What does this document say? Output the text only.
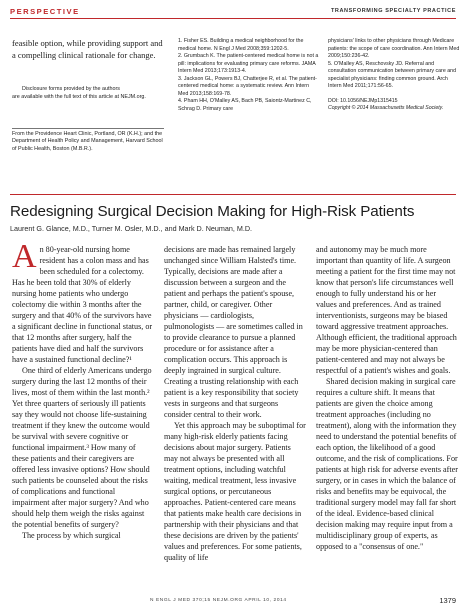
PERSPECTIVE	TRANSFORMING SPECIALTY PRACTICE
feasible option, while providing support and a compelling clinical rationale for change.
Disclosure forms provided by the authors
are available with the full text of this article at NEJM.org.
From the Providence Heart Clinic, Portland, OR (K.H.); and the Department of Health Policy and Management, Harvard School of Public Health, Boston (M.B.R.).
1. Fisher ES. Building a medical neighborhood for the medical home. N Engl J Med 2008;359:1202-5.
2. Grumbach K. The patient-centered medical home is not a pill: implications for evaluating primary care reforms. JAMA Intern Med 2013;173:1913-4.
3. Jackson GL, Powers BJ, Chatterjee R, et al. The patient-centered medical home: a systematic review. Ann Intern Med 2013;158:169-78.
4. Pham HH, O'Malley AS, Bach PB, Saiontz-Martinez C, Schrag D. Primary care
physicians' links to other physicians through Medicare patients: the scope of care coordination. Ann Intern Med 2009;150:236-42.
5. O'Malley AS, Reschovsky JD. Referral and consultation communication between primary care and specialist physicians: finding common ground. Arch Intern Med 2011;171:56-65.
DOI: 10.1056/NEJMp1315415
Copyright © 2014 Massachusetts Medical Society.
Redesigning Surgical Decision Making for High-Risk Patients
Laurent G. Glance, M.D., Turner M. Osler, M.D., and Mark D. Neuman, M.D.

An 80-year-old nursing home resident has a colon mass and has been scheduled for a colectomy. Has he been told that 30% of elderly nursing home patients who undergo colectomy die within 3 months after the surgery and that 40% of the survivors have a significant decline in functional status, or that 12 months after surgery, half the patients have died and half the survivors have a sustained functional decline?¹

One third of elderly Americans undergo surgery during the last 12 months of their lives, most of them within the last month.² Yet three quarters of seriously ill patients say they would not choose life-sustaining treatment if they knew the outcome would be survival with severe cognitive or functional impairment.³ How many of these patients and their caregivers are offered less invasive options? How should such patients be counseled about the risks of complications and functional impairment after major surgery? And who should help them weigh the risks against the potential benefits of surgery?

The process by which surgical

decisions are made has remained largely unchanged since William Halsted's time. Typically, decisions are made after a discussion between a surgeon and the patient and perhaps the patient's spouse, partner, child, or caregiver. Other physicians — cardiologists, pulmonologists — are sometimes called in to provide clearance to pursue a planned procedure or for assistance after a complication occurs. This approach is deeply ingrained in surgical culture. Creating a trusting relationship with each patient is a key responsibility that society vests in surgeons and that surgeons consider central to their work.

Yet this approach may be suboptimal for many high-risk elderly patients facing decisions about major surgery. Patients may not always be presented with all treatment options, including watchful waiting, medical treatment, less invasive surgical options, or percutaneous approaches. Patient-centered care means that patients make health care decisions in partnership with their physicians and that these decisions are driven by the patients' values and preferences. For some patients, quality of life

and autonomy may be much more important than quantity of life. A surgeon meeting a patient for the first time may not know that person's life circumstances well enough to fully understand his or her values and preferences. And as trained interventionists, surgeons may be biased toward aggressive treatment approaches. Although efficient, the traditional approach may be more physician-centered than patient-centered and may not always be respectful of a patient's wishes and goals.

Shared decision making in surgical care requires a culture shift. It means that patients are given the choice among treatment approaches (including no treatment), along with the information they need to understand the potential benefits of each option, the likelihood of a good outcome, and the risk of complications. For patients at high risk for adverse events after surgery, or in cases in which the balance of risks and benefits may be equivocal, the traditional surgery model may fall far short of the ideal. Evidence-based clinical decision making may require input from a multidisciplinary group of experts, as opposed to a "consensus of one."

N ENGL J MED 370;15 NEJM.ORG APRIL 10, 2014	1379
